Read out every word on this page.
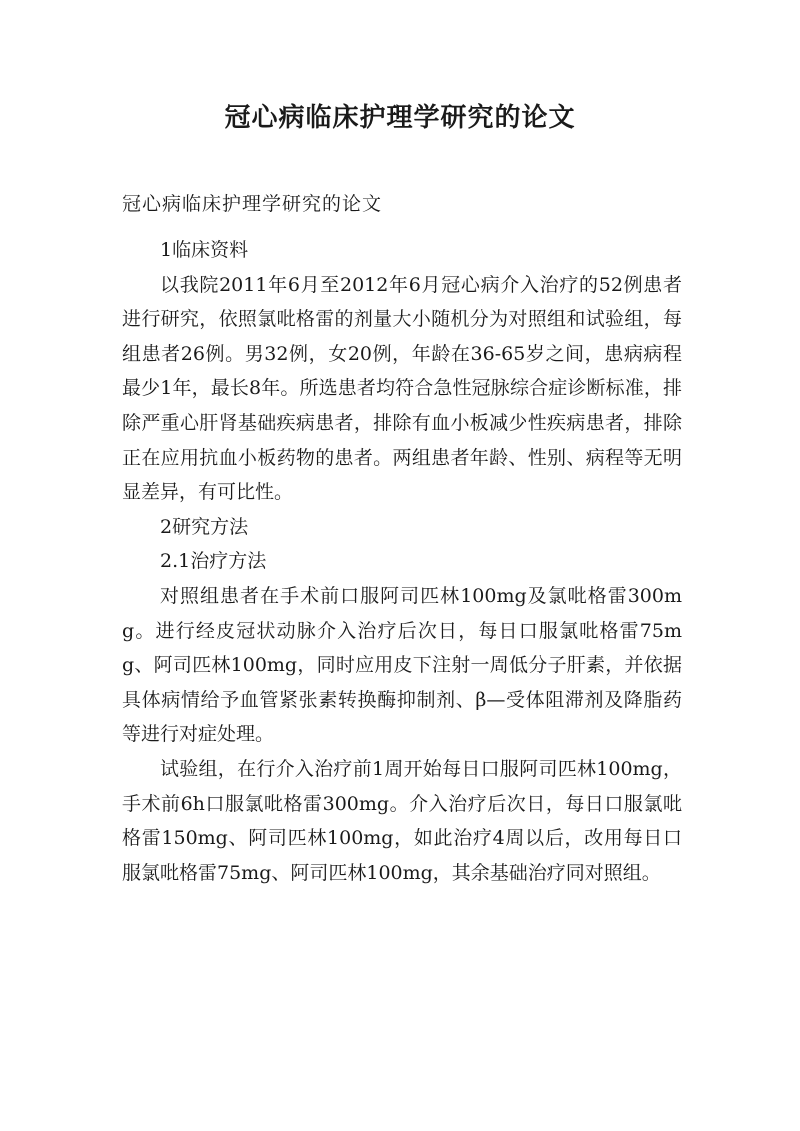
冠心病临床护理学研究的论文
冠心病临床护理学研究的论文

1临床资料

以我院2011年6月至2012年6月冠心病介入治疗的52例患者进行研究，依照氯吡格雷的剂量大小随机分为对照组和试验组，每组患者26例。男32例，女20例，年龄在36-65岁之间，患病病程最少1年，最长8年。所选患者均符合急性冠脉综合症诊断标准，排除严重心肝肾基础疾病患者，排除有血小板减少性疾病患者，排除正在应用抗血小板药物的患者。两组患者年龄、性别、病程等无明显差异，有可比性。

2研究方法

2.1治疗方法

对照组患者在手术前口服阿司匹林100mg及氯吡格雷300mg。进行经皮冠状动脉介入治疗后次日，每日口服氯吡格雷75mg、阿司匹林100mg，同时应用皮下注射一周低分子肝素，并依据具体病情给予血管紧张素转换酶抑制剂、β—受体阻滞剂及降脂药等进行对症处理。

试验组，在行介入治疗前1周开始每日口服阿司匹林100mg，手术前6h口服氯吡格雷300mg。介入治疗后次日，每日口服氯吡格雷150mg、阿司匹林100mg，如此治疗4周以后，改用每日口服氯吡格雷75mg、阿司匹林100mg，其余基础治疗同对照组。
